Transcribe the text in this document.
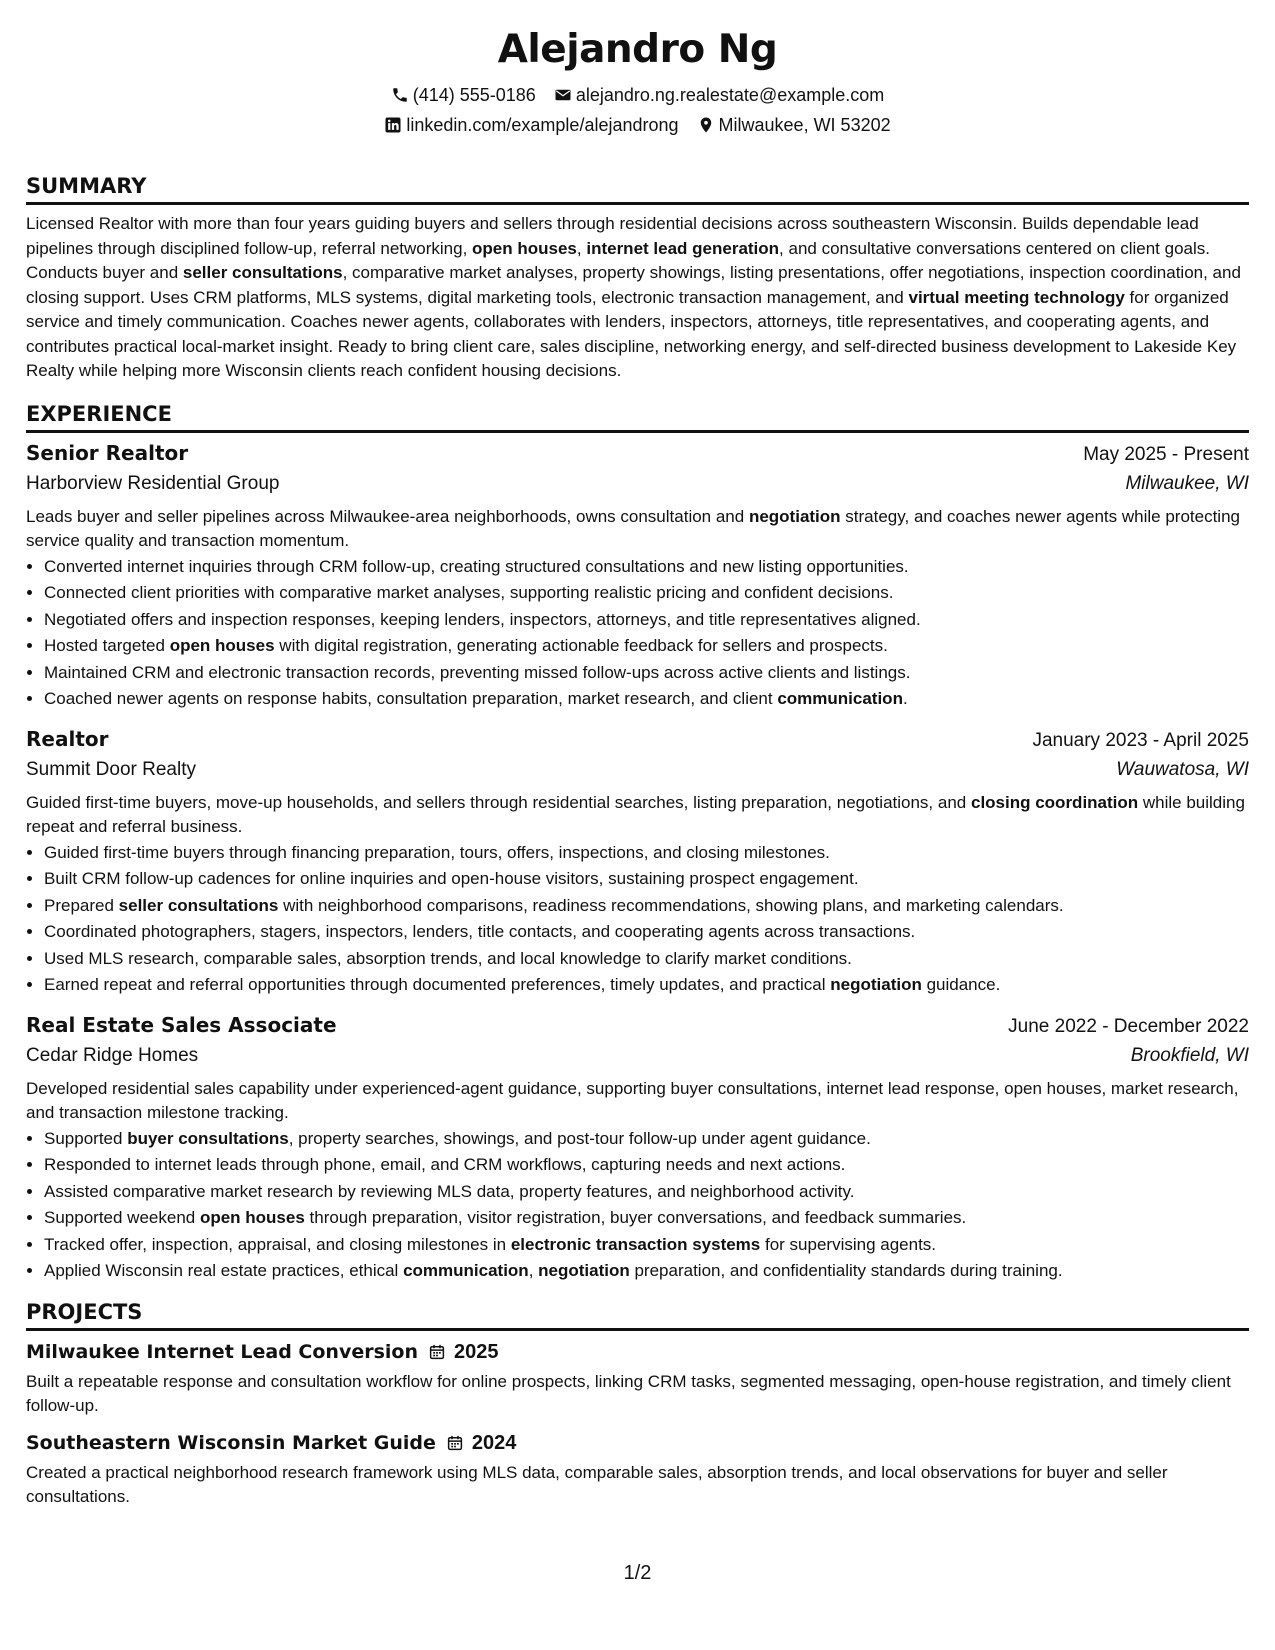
Alejandro Ng
(414) 555-0186 alejandro.ng.realestate@example.com
linkedin.com/example/alejandrong Milwaukee, WI 53202
SUMMARY

Licensed Realtor with more than four years guiding buyers and sellers through residential decisions across southeastern Wisconsin. Builds dependable lead pipelines through disciplined follow-up, referral networking, open houses, internet lead generation, and consultative conversations centered on client goals. Conducts buyer and seller consultations, comparative market analyses, property showings, listing presentations, offer negotiations, inspection coordination, and closing support. Uses CRM platforms, MLS systems, digital marketing tools, electronic transaction management, and virtual meeting technology for organized service and timely communication. Coaches newer agents, collaborates with lenders, inspectors, attorneys, title representatives, and cooperating agents, and contributes practical local-market insight. Ready to bring client care, sales discipline, networking energy, and self-directed business development to Lakeside Key Realty while helping more Wisconsin clients reach confident housing decisions.

EXPERIENCE
Senior Realtor	May 2025 - Present
Harborview Residential Group	Milwaukee, WI

Leads buyer and seller pipelines across Milwaukee-area neighborhoods, owns consultation and negotiation strategy, and coaches newer agents while protecting service quality and transaction momentum.

• Converted internet inquiries through CRM follow-up, creating structured consultations and new listing opportunities.
• Connected client priorities with comparative market analyses, supporting realistic pricing and confident decisions.
• Negotiated offers and inspection responses, keeping lenders, inspectors, attorneys, and title representatives aligned.
• Hosted targeted open houses with digital registration, generating actionable feedback for sellers and prospects.
• Maintained CRM and electronic transaction records, preventing missed follow-ups across active clients and listings.
• Coached newer agents on response habits, consultation preparation, market research, and client communication.
Realtor	January 2023 - April 2025
Summit Door Realty	Wauwatosa, WI

Guided first-time buyers, move-up households, and sellers through residential searches, listing preparation, negotiations, and closing coordination while building repeat and referral business.

• Guided first-time buyers through financing preparation, tours, offers, inspections, and closing milestones.
• Built CRM follow-up cadences for online inquiries and open-house visitors, sustaining prospect engagement.
• Prepared seller consultations with neighborhood comparisons, readiness recommendations, showing plans, and marketing calendars.
• Coordinated photographers, stagers, inspectors, lenders, title contacts, and cooperating agents across transactions.
• Used MLS research, comparable sales, absorption trends, and local knowledge to clarify market conditions.
• Earned repeat and referral opportunities through documented preferences, timely updates, and practical negotiation guidance.
Real Estate Sales Associate	June 2022 - December 2022
Cedar Ridge Homes	Brookfield, WI

Developed residential sales capability under experienced-agent guidance, supporting buyer consultations, internet lead response, open houses, market research, and transaction milestone tracking.

• Supported buyer consultations, property searches, showings, and post-tour follow-up under agent guidance.
• Responded to internet leads through phone, email, and CRM workflows, capturing needs and next actions.
• Assisted comparative market research by reviewing MLS data, property features, and neighborhood activity.
• Supported weekend open houses through preparation, visitor registration, buyer conversations, and feedback summaries.
• Tracked offer, inspection, appraisal, and closing milestones in electronic transaction systems for supervising agents.
• Applied Wisconsin real estate practices, ethical communication, negotiation preparation, and confidentiality standards during training.
PROJECTS
Milwaukee Internet Lead Conversion 2025

Built a repeatable response and consultation workflow for online prospects, linking CRM tasks, segmented messaging, open-house registration, and timely client follow-up.

Southeastern Wisconsin Market Guide 2024

Created a practical neighborhood research framework using MLS data, comparable sales, absorption trends, and local observations for buyer and seller consultations.

1/2
